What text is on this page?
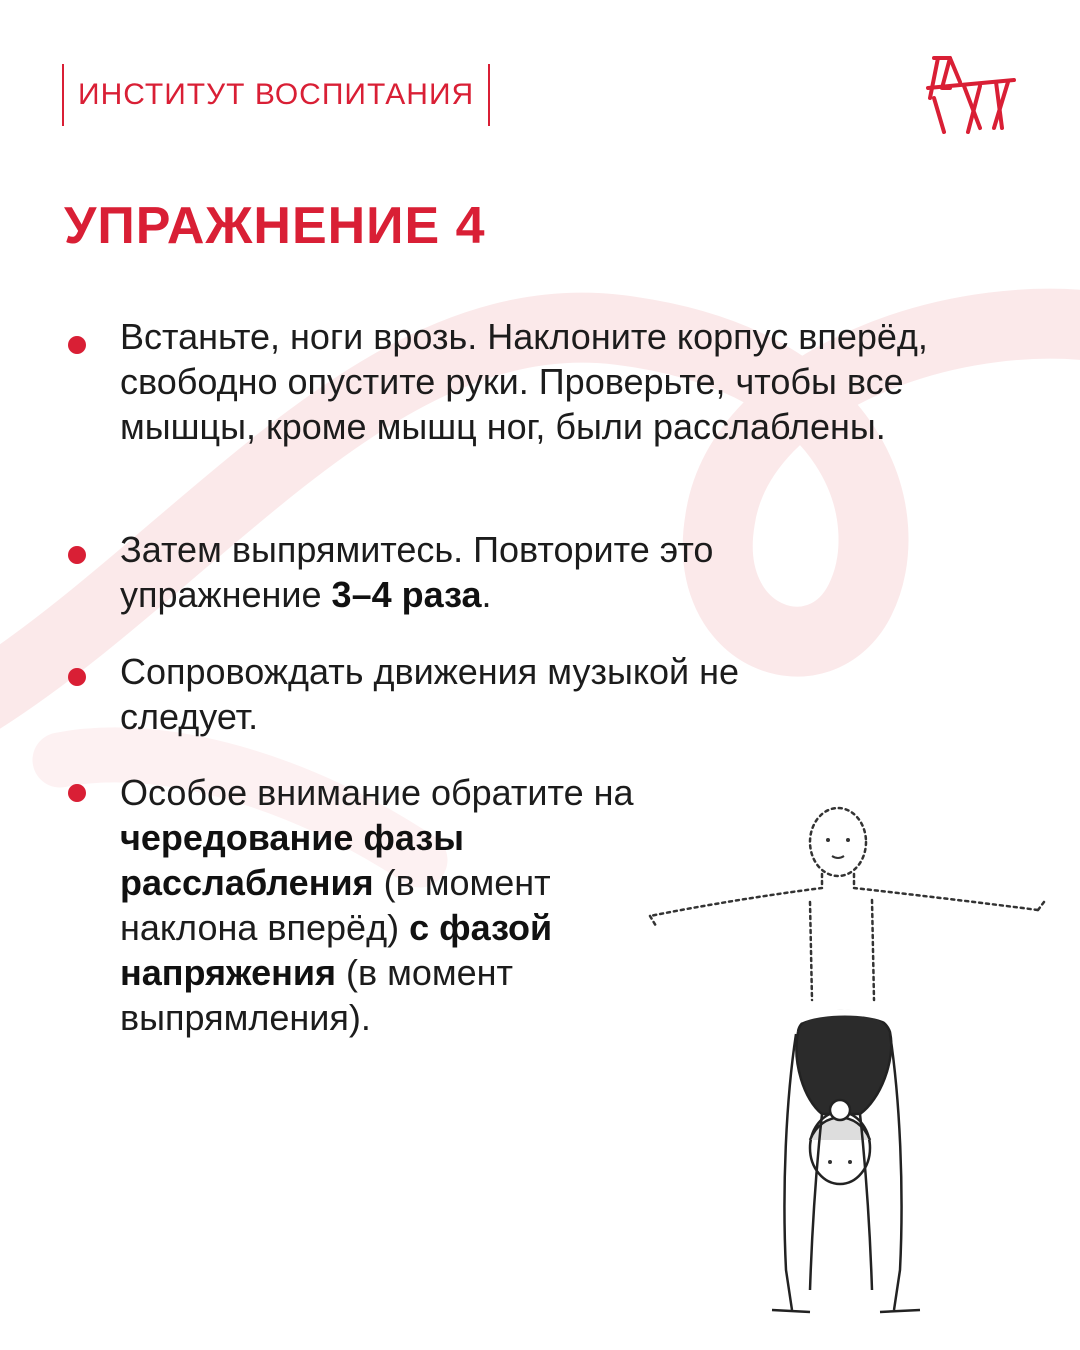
ИНСТИТУТ ВОСПИТАНИЯ
УПРАЖНЕНИЕ 4
Встаньте, ноги врозь. Наклоните корпус вперёд, свободно опустите руки. Проверьте, чтобы все мышцы, кроме мышц ног, были расслаблены.
Затем выпрямитесь. Повторите это упражнение 3–4 раза.
Сопровождать движения музыкой не следует.
Особое внимание обратите на чередование фазы расслабления (в момент наклона вперёд) с фазой напряжения (в момент выпрямления).
